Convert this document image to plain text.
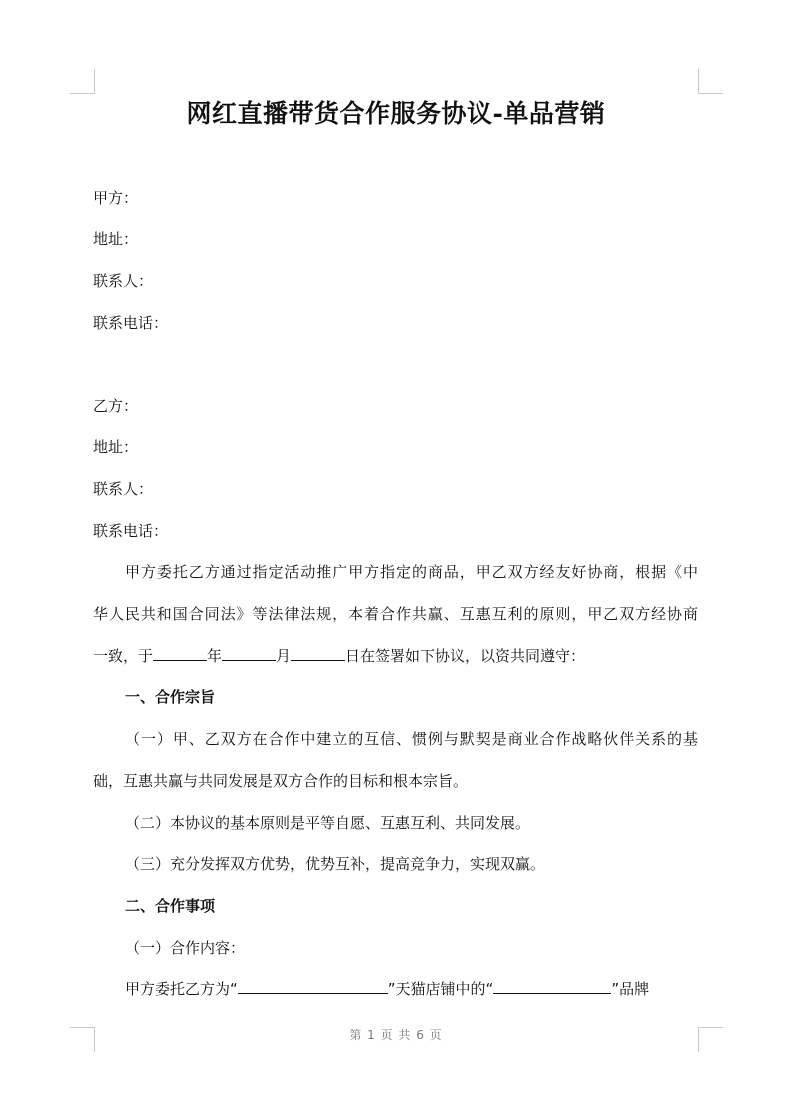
网红直播带货合作服务协议-单品营销
甲方：
地址：
联系人：
联系电话：
乙方：
地址：
联系人：
联系电话：
甲方委托乙方通过指定活动推广甲方指定的商品，甲乙双方经友好协商，根据《中
华人民共和国合同法》等法律法规，本着合作共赢、互惠互利的原则，甲乙双方经协商
一致，于	年	月	日在签署如下协议，以资共同遵守：
一、合作宗旨
（一）甲、乙双方在合作中建立的互信、惯例与默契是商业合作战略伙伴关系的基
础，互惠共赢与共同发展是双方合作的目标和根本宗旨。
（二）本协议的基本原则是平等自愿、互惠互利、共同发展。
（三）充分发挥双方优势，优势互补，提高竞争力，实现双赢。
二、合作事项
（一）合作内容：
甲方委托乙方为“	”天猫店铺中的“	”品牌
第 1 页 共 6 页
